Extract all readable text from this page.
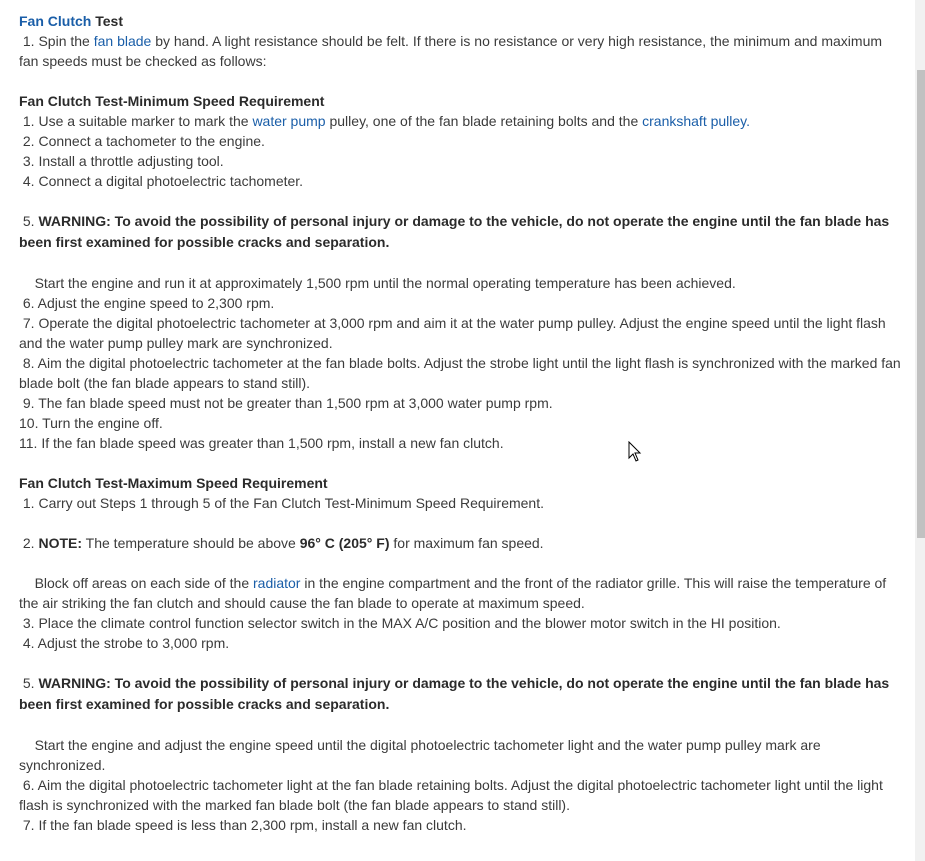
Fan Clutch Test

1. Spin the fan blade by hand. A light resistance should be felt. If there is no resistance or very high resistance, the minimum and maximum fan speeds must be checked as follows:

Fan Clutch Test-Minimum Speed Requirement

1. Use a suitable marker to mark the water pump pulley, one of the fan blade retaining bolts and the crankshaft pulley.

2. Connect a tachometer to the engine.

3. Install a throttle adjusting tool.

4. Connect a digital photoelectric tachometer.

5. WARNING: To avoid the possibility of personal injury or damage to the vehicle, do not operate the engine until the fan blade has been first examined for possible cracks and separation.

Start the engine and run it at approximately 1,500 rpm until the normal operating temperature has been achieved.

6. Adjust the engine speed to 2,300 rpm.

7. Operate the digital photoelectric tachometer at 3,000 rpm and aim it at the water pump pulley. Adjust the engine speed until the light flash and the water pump pulley mark are synchronized.

8. Aim the digital photoelectric tachometer at the fan blade bolts. Adjust the strobe light until the light flash is synchronized with the marked fan blade bolt (the fan blade appears to stand still).

9. The fan blade speed must not be greater than 1,500 rpm at 3,000 water pump rpm.

10. Turn the engine off.

11. If the fan blade speed was greater than 1,500 rpm, install a new fan clutch.

Fan Clutch Test-Maximum Speed Requirement

1. Carry out Steps 1 through 5 of the Fan Clutch Test-Minimum Speed Requirement.

2. NOTE: The temperature should be above 96° C (205° F) for maximum fan speed.

Block off areas on each side of the radiator in the engine compartment and the front of the radiator grille. This will raise the temperature of the air striking the fan clutch and should cause the fan blade to operate at maximum speed.

3. Place the climate control function selector switch in the MAX A/C position and the blower motor switch in the HI position.

4. Adjust the strobe to 3,000 rpm.

5. WARNING: To avoid the possibility of personal injury or damage to the vehicle, do not operate the engine until the fan blade has been first examined for possible cracks and separation.

Start the engine and adjust the engine speed until the digital photoelectric tachometer light and the water pump pulley mark are synchronized.

6. Aim the digital photoelectric tachometer light at the fan blade retaining bolts. Adjust the digital photoelectric tachometer light until the light flash is synchronized with the marked fan blade bolt (the fan blade appears to stand still).

7. If the fan blade speed is less than 2,300 rpm, install a new fan clutch.
